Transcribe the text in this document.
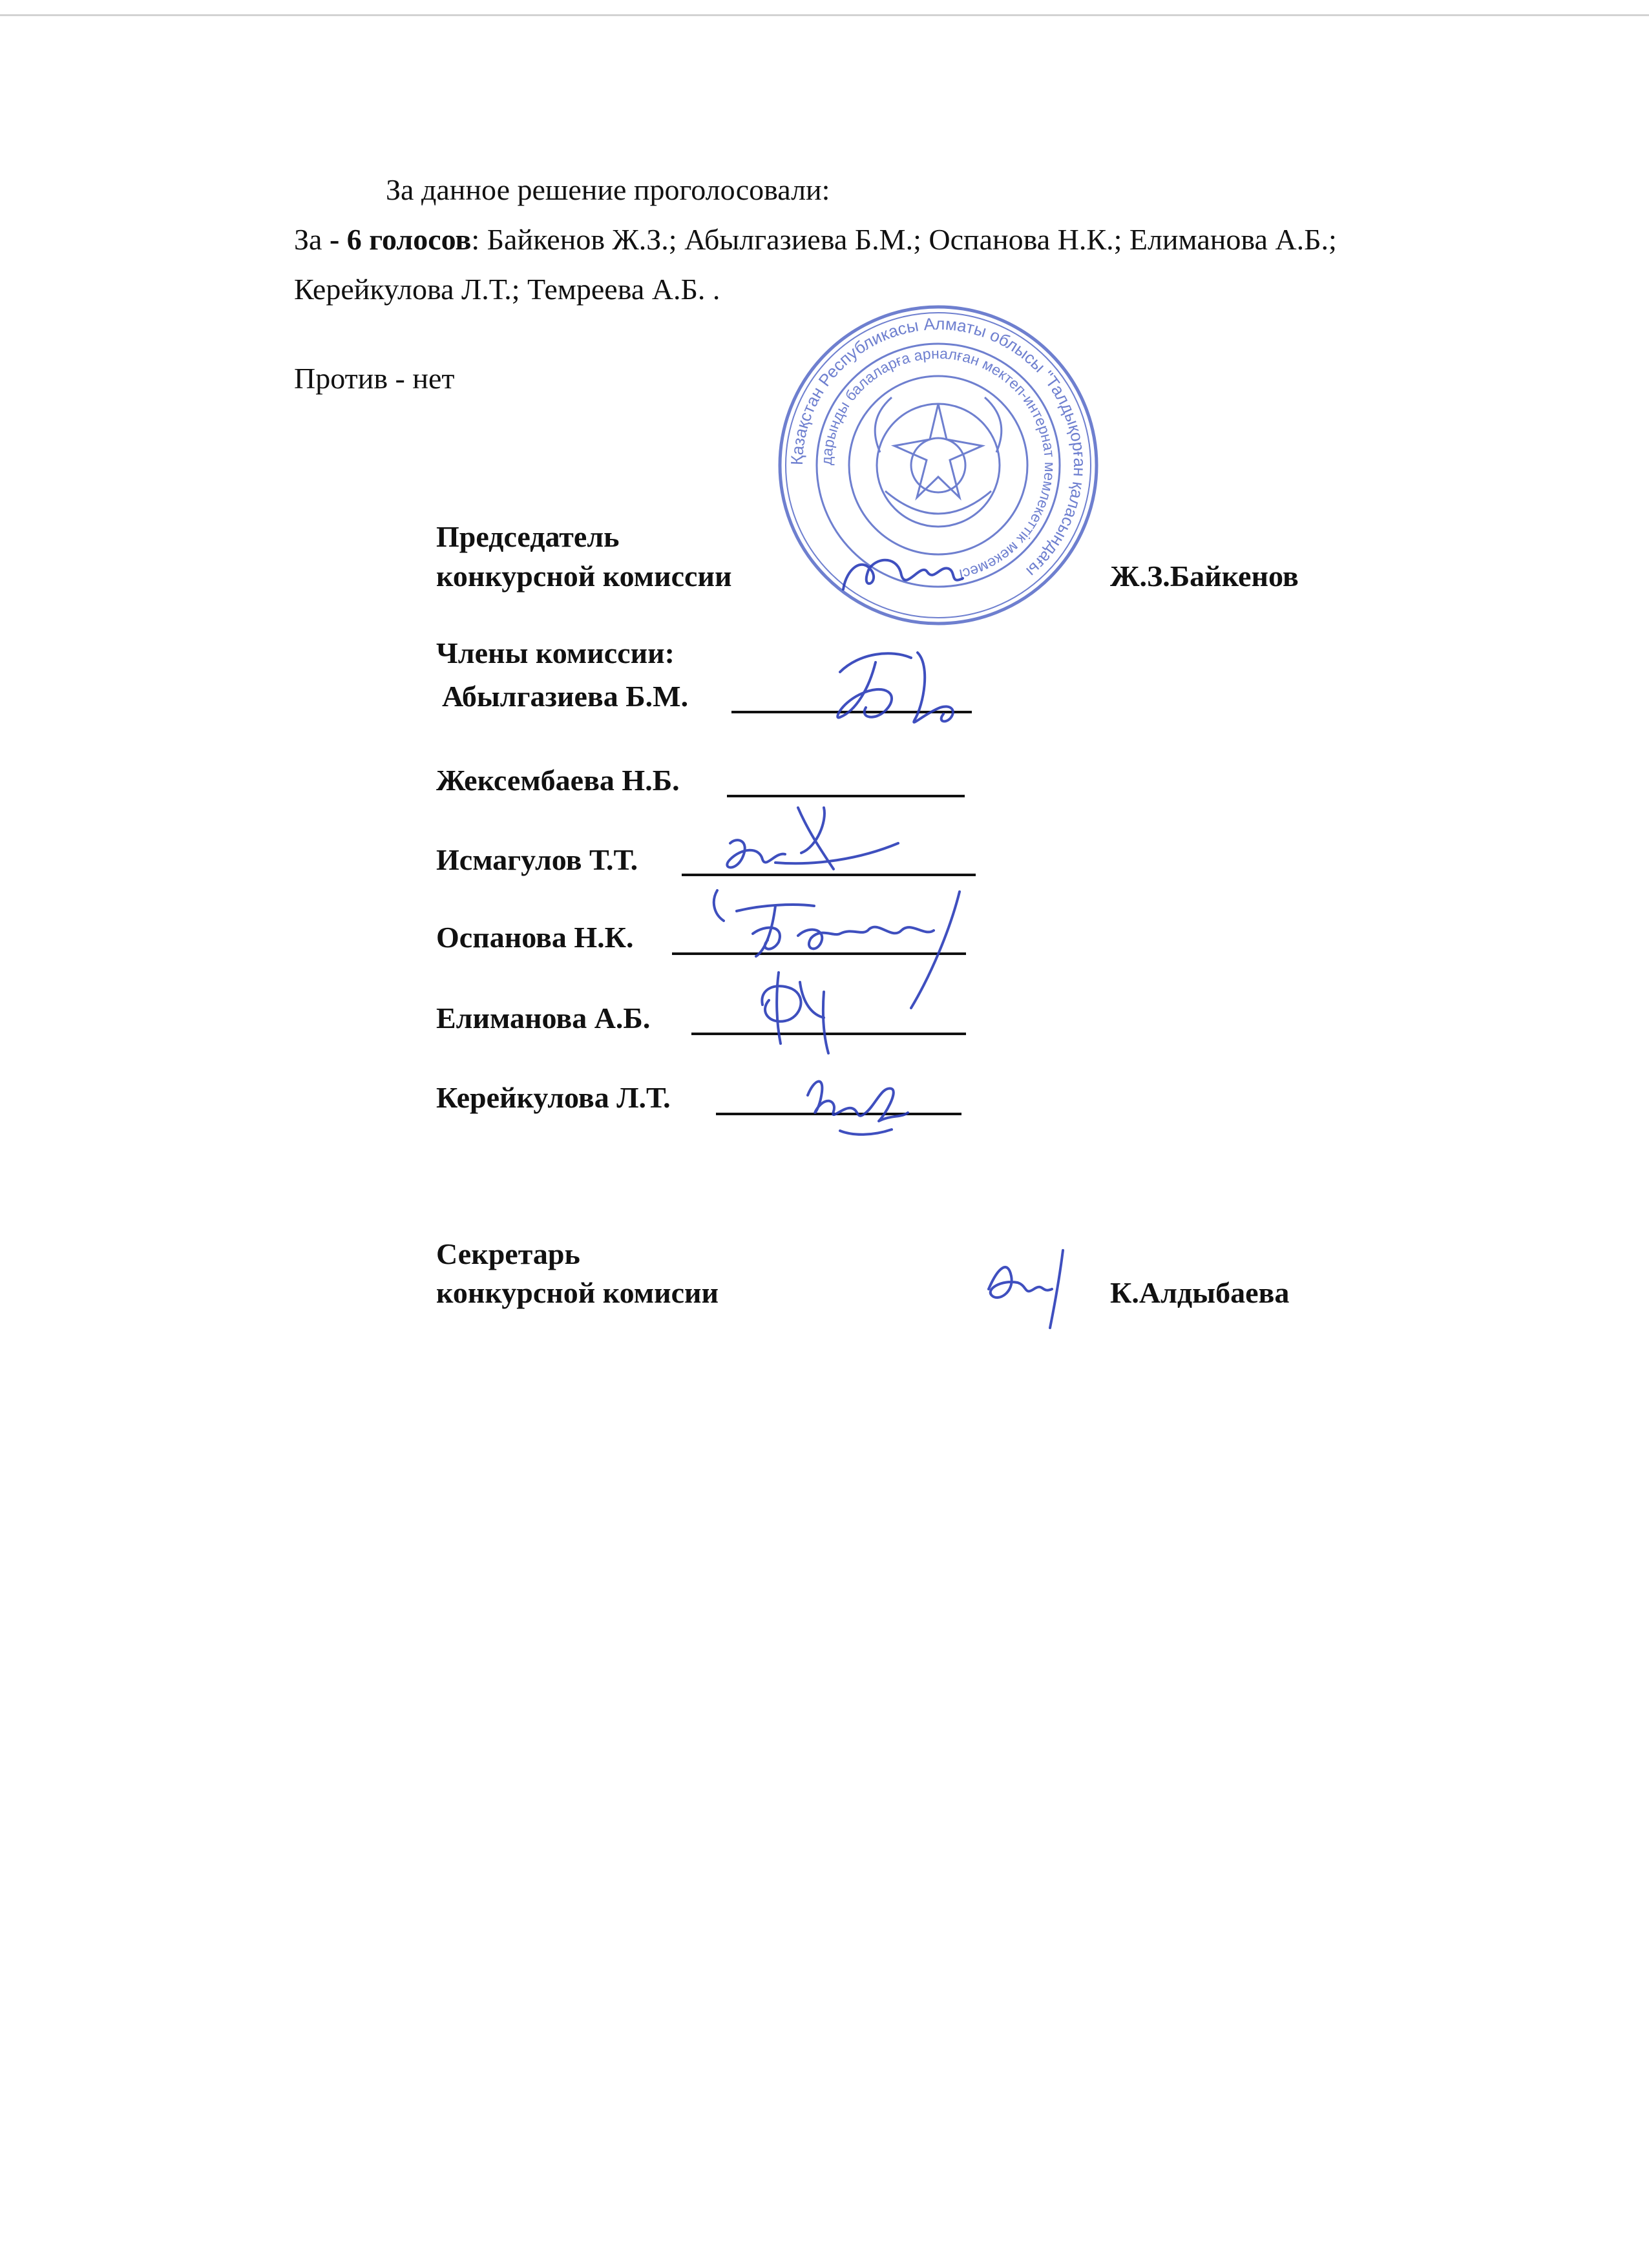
За данное решение проголосовали:
За - 6 голосов: Байкенов Ж.З.; Абылгазиева Б.М.; Оспанова Н.К.; Елиманова А.Б.;
Керейкулова Л.Т.; Темреева А.Б. .
Против - нет
Председатель
конкурсной комиссии	Ж.З.Байкенов
Члены комиссии:
Абылгазиева Б.М.
Жексембаева Н.Б.
Исмагулов Т.Т.
Оспанова Н.К.
Елиманова А.Б.
Керейкулова Л.Т.
Секретарь
конкурсной комисии	К.Алдыбаева
Қазақстан Республикасы Алматы облысы "Талдықорған қаласындағы
дарынды балаларға арналған мектеп-интернат мемлекеттік мекемесі
